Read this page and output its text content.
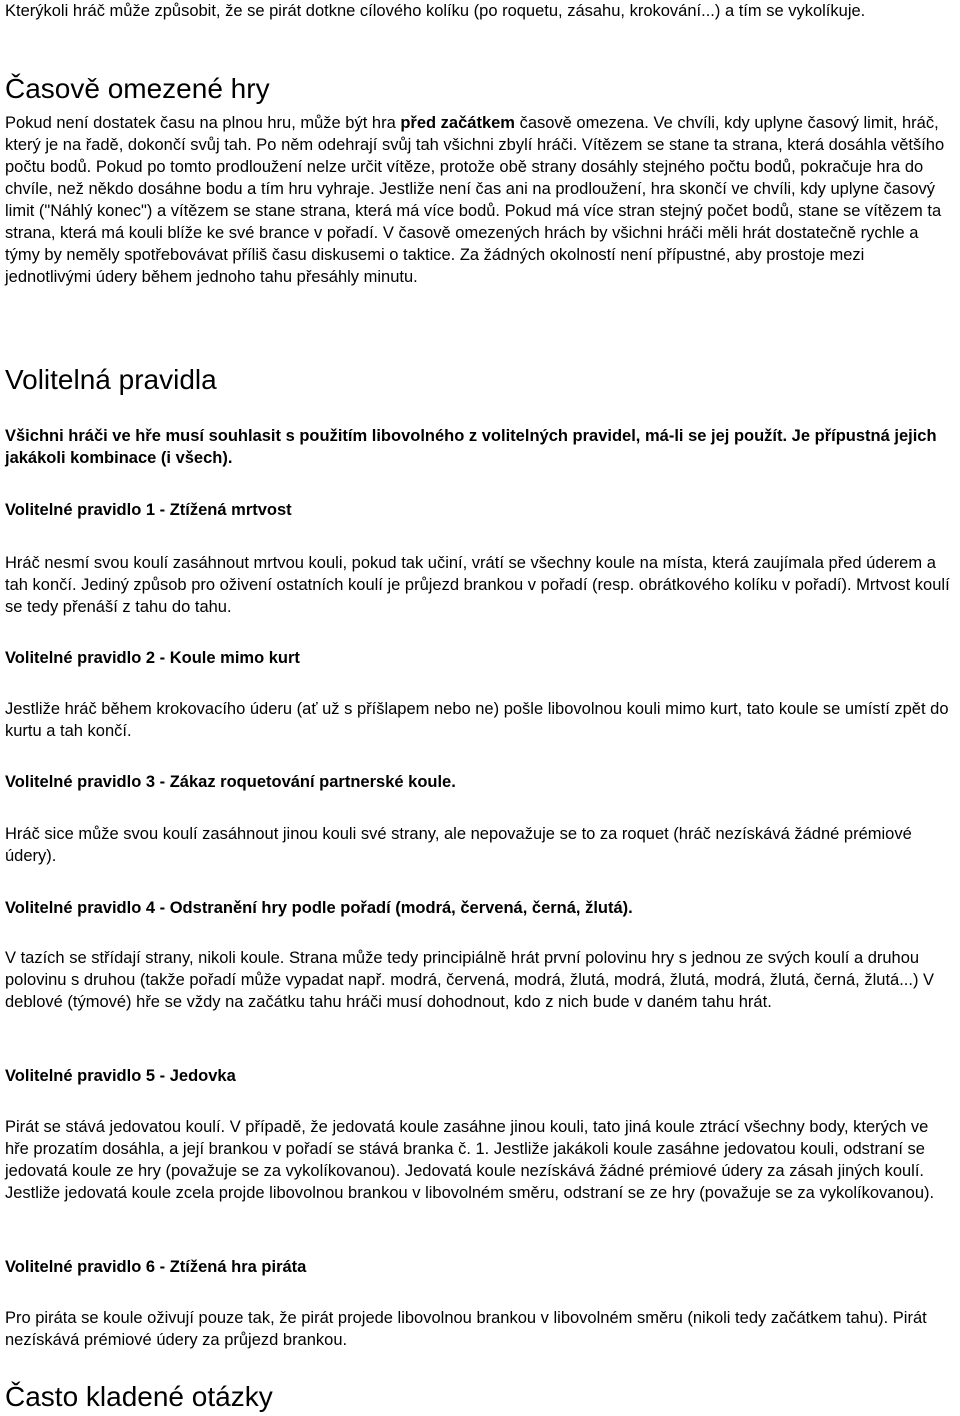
Kterýkoli hráč může způsobit, že se pirát dotkne cílového kolíku (po roquetu, zásahu, krokování...) a tím se vykolíkuje.

Časově omezené hry

Pokud není dostatek času na plnou hru, může být hra před začátkem časově omezena. Ve chvíli, kdy uplyne časový limit, hráč, který je na řadě, dokončí svůj tah. Po něm odehrají svůj tah všichni zbylí hráči. Vítězem se stane ta strana, která dosáhla většího počtu bodů. Pokud po tomto prodloužení nelze určit vítěze, protože obě strany dosáhly stejného počtu bodů, pokračuje hra do chvíle, než někdo dosáhne bodu a tím hru vyhraje. Jestliže není čas ani na prodloužení, hra skončí ve chvíli, kdy uplyne časový limit ("Náhlý konec") a vítězem se stane strana, která má více bodů. Pokud má více stran stejný počet bodů, stane se vítězem ta strana, která má kouli blíže ke své brance v pořadí. V časově omezených hrách by všichni hráči měli hrát dostatečně rychle a týmy by neměly spotřebovávat příliš času diskusemi o taktice. Za žádných okolností není přípustné, aby prostoje mezi jednotlivými údery během jednoho tahu přesáhly minutu.

Volitelná pravidla

Všichni hráči ve hře musí souhlasit s použitím libovolného z volitelných pravidel, má-li se jej použít. Je přípustná jejich jakákoli kombinace (i všech).

Volitelné pravidlo 1 - Ztížená mrtvost

Hráč nesmí svou koulí zasáhnout mrtvou kouli, pokud tak učiní, vrátí se všechny koule na místa, která zaujímala před úderem a tah končí. Jediný způsob pro oživení ostatních koulí je průjezd brankou v pořadí (resp. obrátkového kolíku v pořadí). Mrtvost koulí se tedy přenáší z tahu do tahu.

Volitelné pravidlo 2 - Koule mimo kurt

Jestliže hráč během krokovacího úderu (ať už s příšlapem nebo ne) pošle libovolnou kouli mimo kurt, tato koule se umístí zpět do kurtu a tah končí.

Volitelné pravidlo 3 - Zákaz roquetování partnerské koule.

Hráč sice může svou koulí zasáhnout jinou kouli své strany, ale nepovažuje se to za roquet (hráč nezískává žádné prémiové údery).

Volitelné pravidlo 4 - Odstranění hry podle pořadí (modrá, červená, černá, žlutá).

V tazích se střídají strany, nikoli koule. Strana může tedy principiálně hrát první polovinu hry s jednou ze svých koulí a druhou polovinu s druhou (takže pořadí může vypadat např. modrá, červená, modrá, žlutá, modrá, žlutá, modrá, žlutá, černá, žlutá...) V deblové (týmové) hře se vždy na začátku tahu hráči musí dohodnout, kdo z nich bude v daném tahu hrát.

Volitelné pravidlo 5 - Jedovka

Pirát se stává jedovatou koulí. V případě, že jedovatá koule zasáhne jinou kouli, tato jiná koule ztrácí všechny body, kterých ve hře prozatím dosáhla, a její brankou v pořadí se stává branka č. 1. Jestliže jakákoli koule zasáhne jedovatou kouli, odstraní se jedovatá koule ze hry (považuje se za vykolíkovanou). Jedovatá koule nezískává žádné prémiové údery za zásah jiných koulí. Jestliže jedovatá koule zcela projde libovolnou brankou v libovolném směru, odstraní se ze hry (považuje se za vykolíkovanou).

Volitelné pravidlo 6 - Ztížená hra piráta

Pro piráta se koule oživují pouze tak, že pirát projede libovolnou brankou v libovolném směru (nikoli tedy začátkem tahu). Pirát nezískává prémiové údery za průjezd brankou.

Často kladené otázky
